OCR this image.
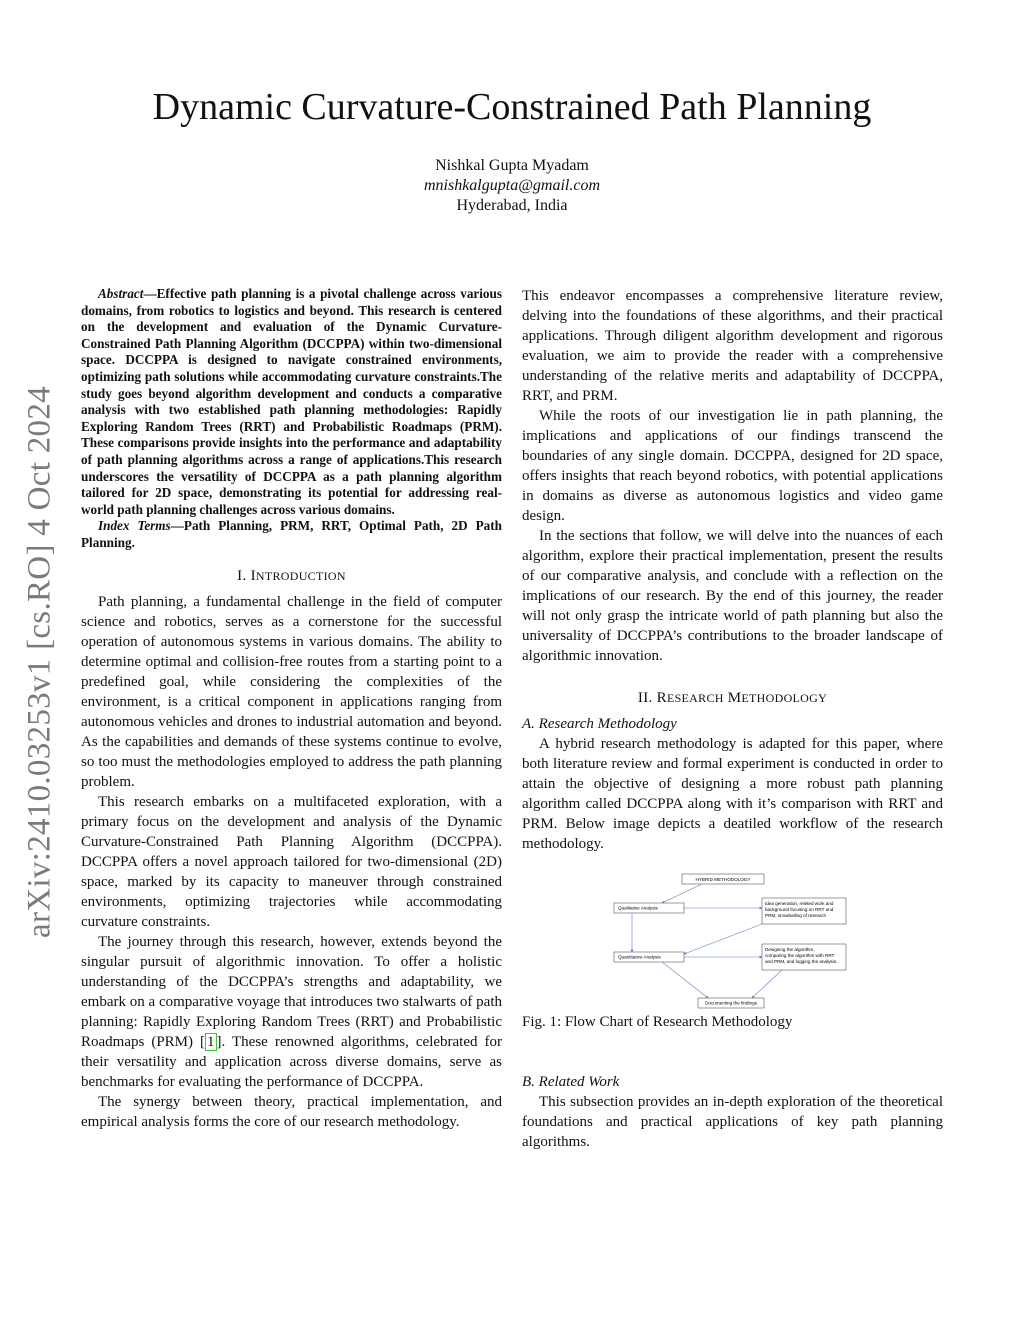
Dynamic Curvature-Constrained Path Planning
Nishkal Gupta Myadam
mnishkalgupta@gmail.com
Hyderabad, India
arXiv:2410.03253v1 [cs.RO] 4 Oct 2024

Abstract—Effective path planning is a pivotal challenge across various domains, from robotics to logistics and beyond. This research is centered on the development and evaluation of the Dynamic Curvature-Constrained Path Planning Algorithm (DCCPPA) within two-dimensional space. DCCPPA is designed to navigate constrained environments, optimizing path solutions while accommodating curvature constraints.The study goes beyond algorithm development and conducts a comparative analysis with two established path planning methodologies: Rapidly Exploring Random Trees (RRT) and Probabilistic Roadmaps (PRM). These comparisons provide insights into the performance and adaptability of path planning algorithms across a range of applications.This research underscores the versatility of DCCPPA as a path planning algorithm tailored for 2D space, demonstrating its potential for addressing real-world path planning challenges across various domains.

Index Terms—Path Planning, PRM, RRT, Optimal Path, 2D Path Planning.

I. INTRODUCTION

Path planning, a fundamental challenge in the field of computer science and robotics, serves as a cornerstone for the successful operation of autonomous systems in various domains. The ability to determine optimal and collision-free routes from a starting point to a predefined goal, while considering the complexities of the environment, is a critical component in applications ranging from autonomous vehicles and drones to industrial automation and beyond. As the capabilities and demands of these systems continue to evolve, so too must the methodologies employed to address the path planning problem.

This research embarks on a multifaceted exploration, with a primary focus on the development and analysis of the Dynamic Curvature-Constrained Path Planning Algorithm (DCCPPA). DCCPPA offers a novel approach tailored for two-dimensional (2D) space, marked by its capacity to maneuver through constrained environments, optimizing trajectories while accommodating curvature constraints.

The journey through this research, however, extends beyond the singular pursuit of algorithmic innovation. To offer a holistic understanding of the DCCPPA’s strengths and adaptability, we embark on a comparative voyage that introduces two stalwarts of path planning: Rapidly Exploring Random Trees (RRT) and Probabilistic Roadmaps (PRM) [ 1 ]. These renowned algorithms, celebrated for their versatility and application across diverse domains, serve as benchmarks for evaluating the performance of DCCPPA.

The synergy between theory, practical implementation, and empirical analysis forms the core of our research methodology.

This endeavor encompasses a comprehensive literature review, delving into the foundations of these algorithms, and their practical applications. Through diligent algorithm development and rigorous evaluation, we aim to provide the reader with a comprehensive understanding of the relative merits and adaptability of DCCPPA, RRT, and PRM.

While the roots of our investigation lie in path planning, the implications and applications of our findings transcend the boundaries of any single domain. DCCPPA, designed for 2D space, offers insights that reach beyond robotics, with potential applications in domains as diverse as autonomous logistics and video game design.

In the sections that follow, we will delve into the nuances of each algorithm, explore their practical implementation, present the results of our comparative analysis, and conclude with a reflection on the implications of our research. By the end of this journey, the reader will not only grasp the intricate world of path planning but also the universality of DCCPPA’s contributions to the broader landscape of algorithmic innovation.

II. RESEARCH METHODOLOGY

A. Research Methodology

A hybrid research methodology is adapted for this paper, where both literature review and formal experiment is conducted in order to attain the objective of designing a more robust path planning algorithm called DCCPPA along with it’s comparison with RRT and PRM. Below image depicts a deatiled workflow of the research methodology.

HYBRID METHODOLOGY
Qualitative Analysis
Quantitative Analysis
Idea generation, releted work and
background focusing on RRT and
PRM, snowballing of research
Designing the algorithm,
comparing the algorithm with RRT
and PRM, and logging the analysis.
Documenting the findings

Fig. 1: Flow Chart of Research Methodology

B. Related Work

This subsection provides an in-depth exploration of the theoretical foundations and practical applications of key path planning algorithms.
